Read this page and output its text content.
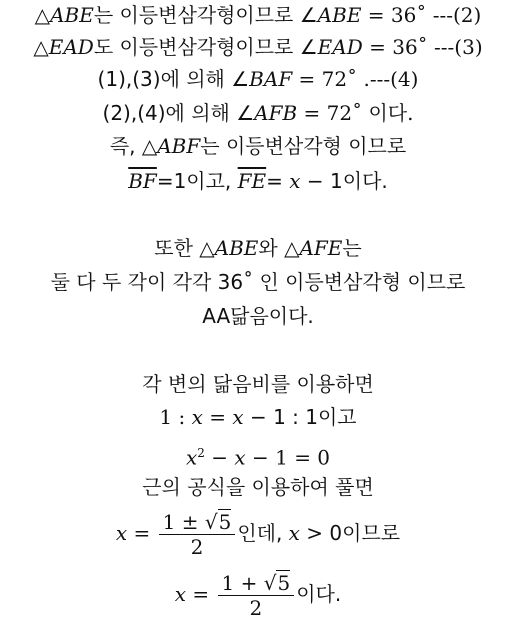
△ABE는 이등변삼각형이므로 ∠ABE = 36˚ ---(2)
△EAD도 이등변삼각형이므로 ∠EAD = 36˚ ---(3)
(1),(3)에 의해 ∠BAF = 72˚ .---(4)
(2),(4)에 의해 ∠AFB = 72˚ 이다.
즉, △ABF는 이등변삼각형 이므로
$\overline{BF}=1$이고, $\overline{FE}= x - 1$이다.
또한 △ABE와 △AFE는
둘 다 두 각이 각각 36˚ 인 이등변삼각형 이므로
AA닮음이다.
각 변의 닮음비를 이용하면
1 : x = x − 1 : 1이고
$x^2 - x - 1 = 0$
근의 공식을 이용하여 풀면
$x = \frac{1 \pm √5}{2}$ 인데, x > 0이므로
$x = \frac{1 + √5}{2}$ 이다.
